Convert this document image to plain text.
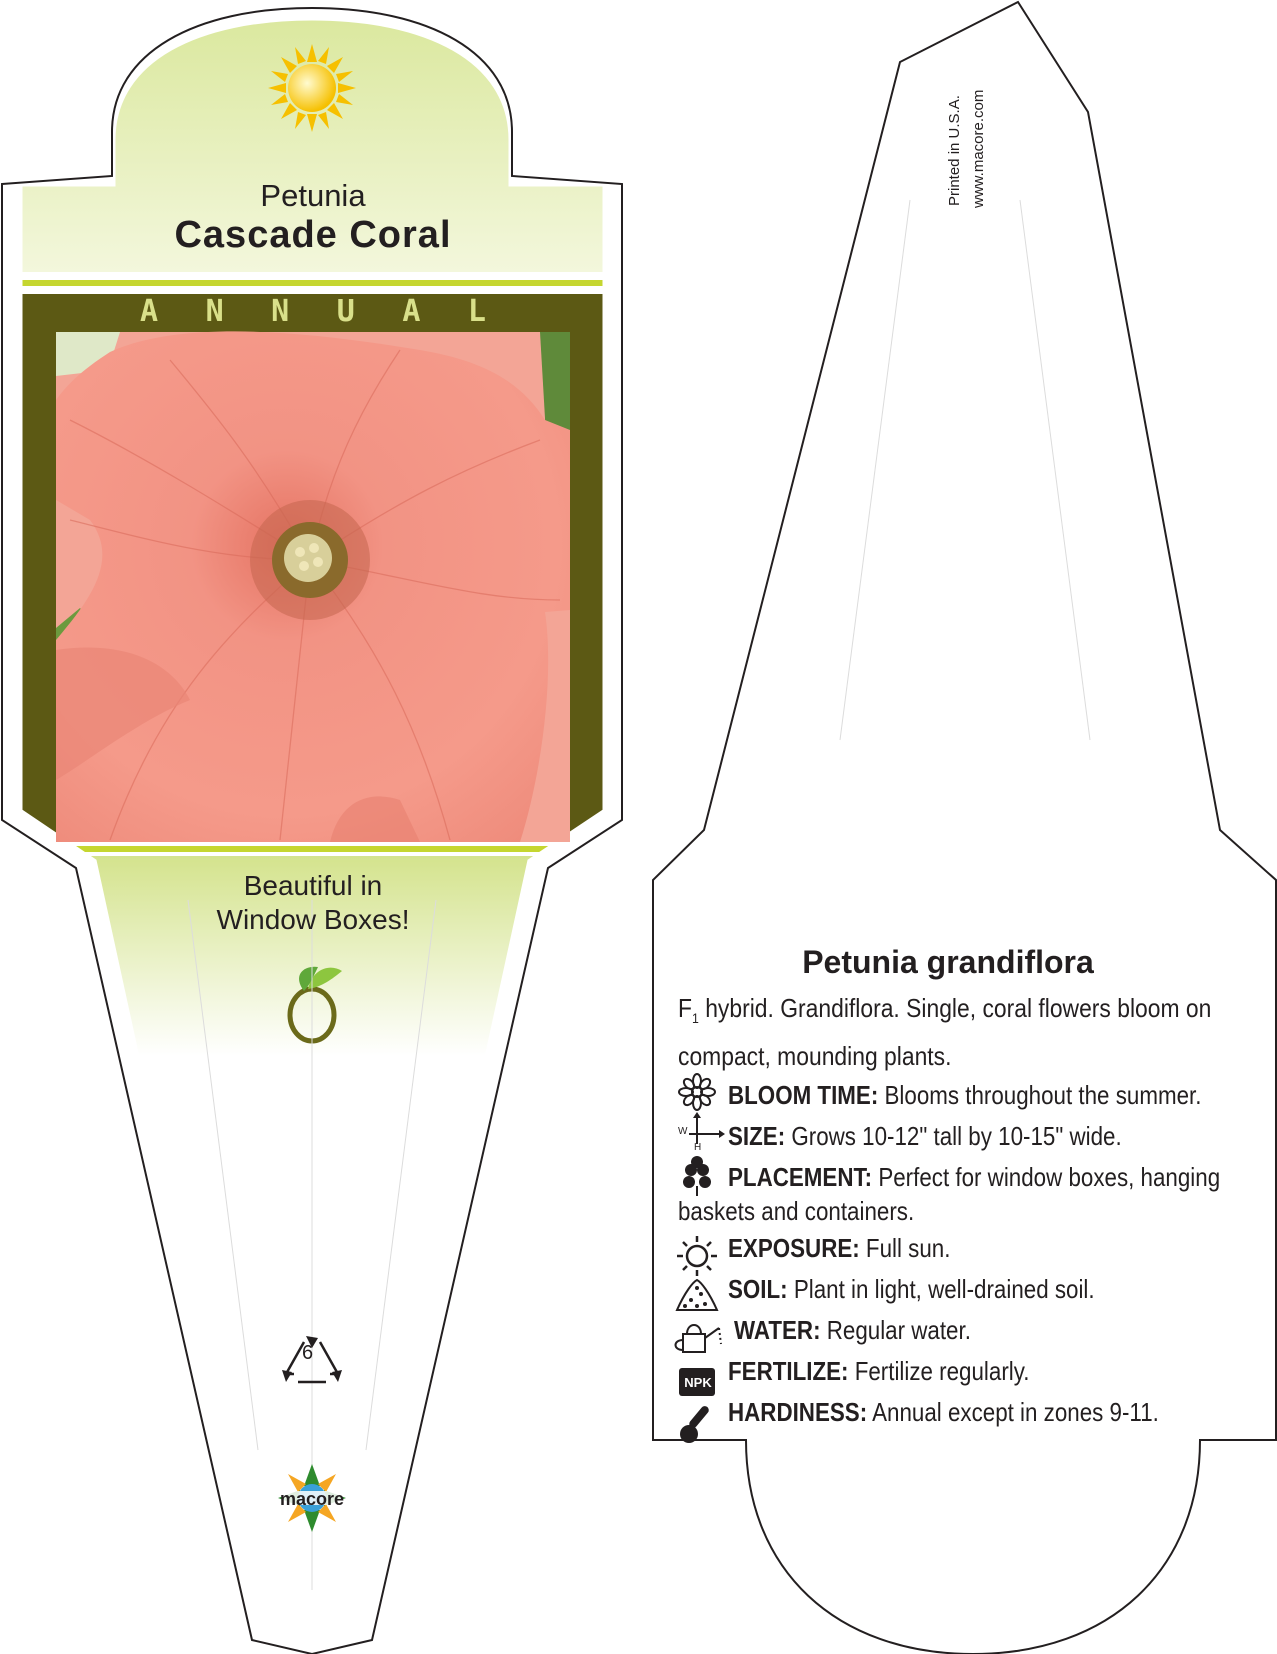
Petunia
Cascade Coral
A N N U A L
Beautiful in
Window Boxes!
6
macore
Printed in U.S.A. www.macore.com
Petunia grandiflora
$F_1$ hybrid. Grandiflora. Single, coral flowers bloom on compact, mounding plants.
BLOOM TIME: Blooms throughout the summer.
SIZE: Grows 10-12" tall by 10-15" wide.
PLACEMENT: Perfect for window boxes, hanging
baskets and containers.
EXPOSURE: Full sun.
SOIL: Plant in light, well-drained soil.
WATER: Regular water.
FERTILIZE: Fertilize regularly.
HARDINESS: Annual except in zones 9-11.
W
H
NPK
